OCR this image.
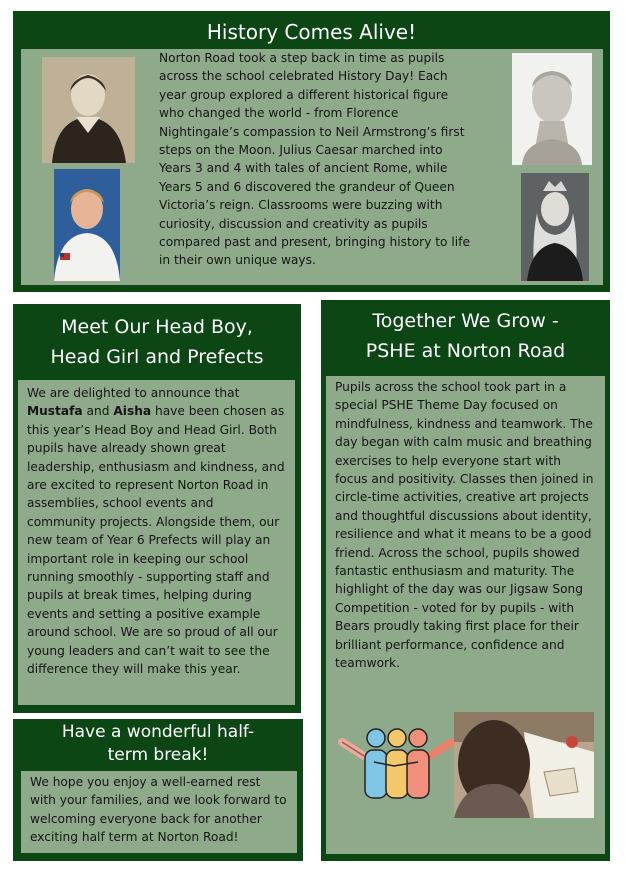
History Comes Alive!

Norton Road took a step back in time as pupils across the school celebrated History Day! Each year group explored a different historical figure who changed the world - from Florence Nightingale’s compassion to Neil Armstrong’s first steps on the Moon. Julius Caesar marched into Years 3 and 4 with tales of ancient Rome, while Years 5 and 6 discovered the grandeur of Queen Victoria’s reign. Classrooms were buzzing with curiosity, discussion and creativity as pupils compared past and present, bringing history to life in their own unique ways.

Meet Our Head Boy,
Head Girl and Prefects

We are delighted to announce that Mustafa and Aisha have been chosen as this year’s Head Boy and Head Girl. Both pupils have already shown great leadership, enthusiasm and kindness, and are excited to represent Norton Road in assemblies, school events and community projects. Alongside them, our new team of Year 6 Prefects will play an important role in keeping our school running smoothly - supporting staff and pupils at break times, helping during events and setting a positive example around school. We are so proud of all our young leaders and can’t wait to see the difference they will make this year.

Have a wonderful half-
term break!

We hope you enjoy a well-earned rest with your families, and we look forward to welcoming everyone back for another exciting half term at Norton Road!

Together We Grow -
PSHE at Norton Road

Pupils across the school took part in a special PSHE Theme Day focused on mindfulness, kindness and teamwork. The day began with calm music and breathing exercises to help everyone start with focus and positivity. Classes then joined in circle-time activities, creative art projects and thoughtful discussions about identity, resilience and what it means to be a good friend. Across the school, pupils showed fantastic enthusiasm and maturity. The highlight of the day was our Jigsaw Song Competition - voted for by pupils - with Bears proudly taking first place for their brilliant performance, confidence and teamwork.
